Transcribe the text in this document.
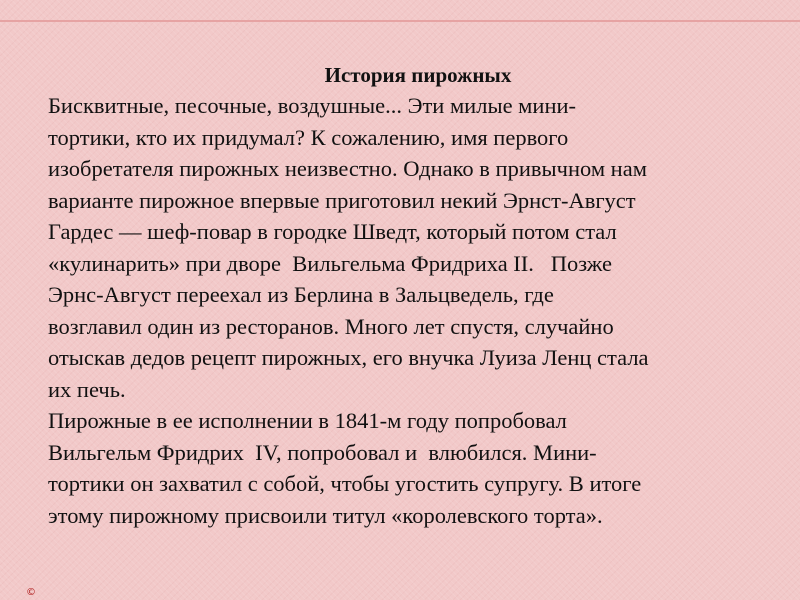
История пирожных
Бисквитные, песочные, воздушные... Эти милые мини-
тортики, кто их придумал? К сожалению, имя первого
изобретателя пирожных неизвестно. Однако в привычном нам
варианте пирожное впервые приготовил некий Эрнст-Август
Гардес — шеф-повар в городке Шведт, который потом стал
«кулинарить» при дворе  Вильгельма Фридриха II.   Позже
Эрнс-Август переехал из Берлина в Зальцведель, где
возглавил один из ресторанов. Много лет спустя, случайно
отыскав дедов рецепт пирожных, его внучка Луиза Ленц стала
их печь.
Пирожные в ее исполнении в 1841-м году попробовал
Вильгельм Фридрих  IV, попробовал и  влюбился. Мини-
тортики он захватил с собой, чтобы угостить супругу. В итоге
этому пирожному присвоили титул «королевского торта».
©
